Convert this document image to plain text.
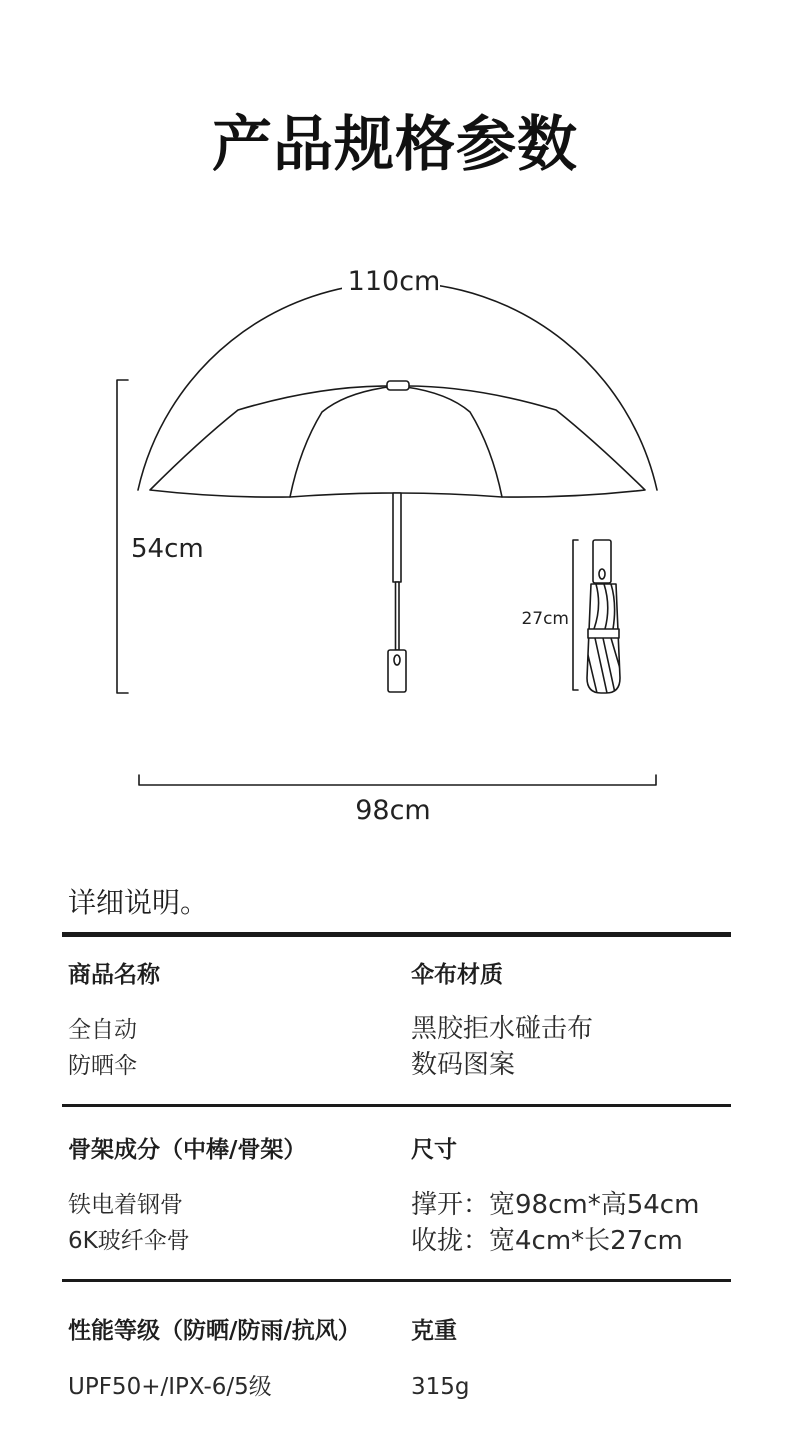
产品规格参数
110cm
54cm
98cm
27cm
详细说明。
商品名称
全自动
防晒伞
伞布材质
黑胶拒水碰击布
数码图案
骨架成分（中棒/骨架）
铁电着钢骨
6K玻纤伞骨
尺寸
撑开：宽98cm*高54cm
收拢：宽4cm*长27cm
性能等级（防晒/防雨/抗风）
UPF50+/IPX-6/5级
克重
315g
